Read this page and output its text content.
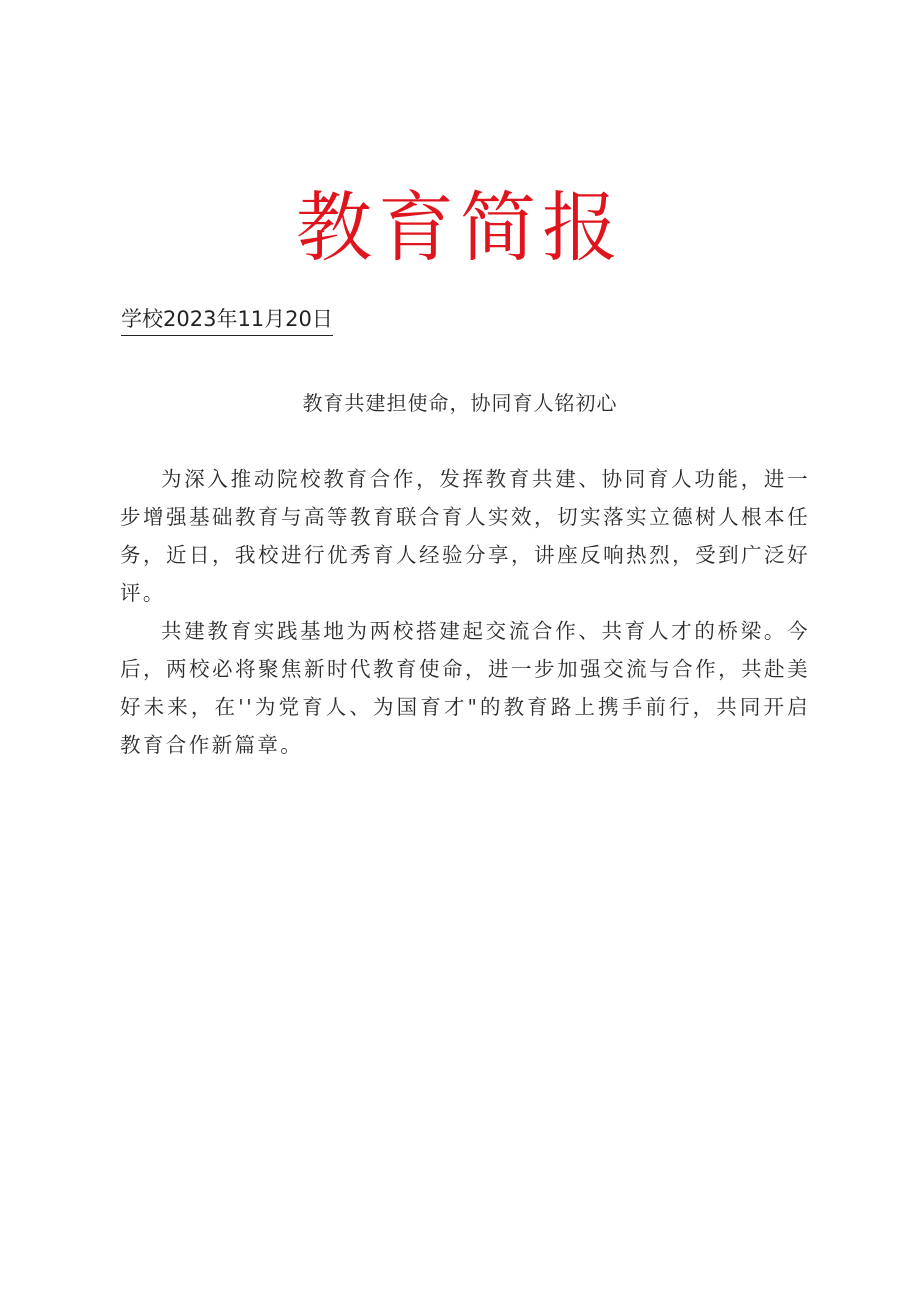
教育简报
学校2023年11月20日
教育共建担使命，协同育人铭初心

为深入推动院校教育合作，发挥教育共建、协同育人功能，进一步增强基础教育与高等教育联合育人实效，切实落实立德树人根本任务，近日，我校进行优秀育人经验分享，讲座反响热烈，受到广泛好评。

共建教育实践基地为两校搭建起交流合作、共育人才的桥梁。今后，两校必将聚焦新时代教育使命，进一步加强交流与合作，共赴美好未来，在''为党育人、为国育才"的教育路上携手前行，共同开启教育合作新篇章。
